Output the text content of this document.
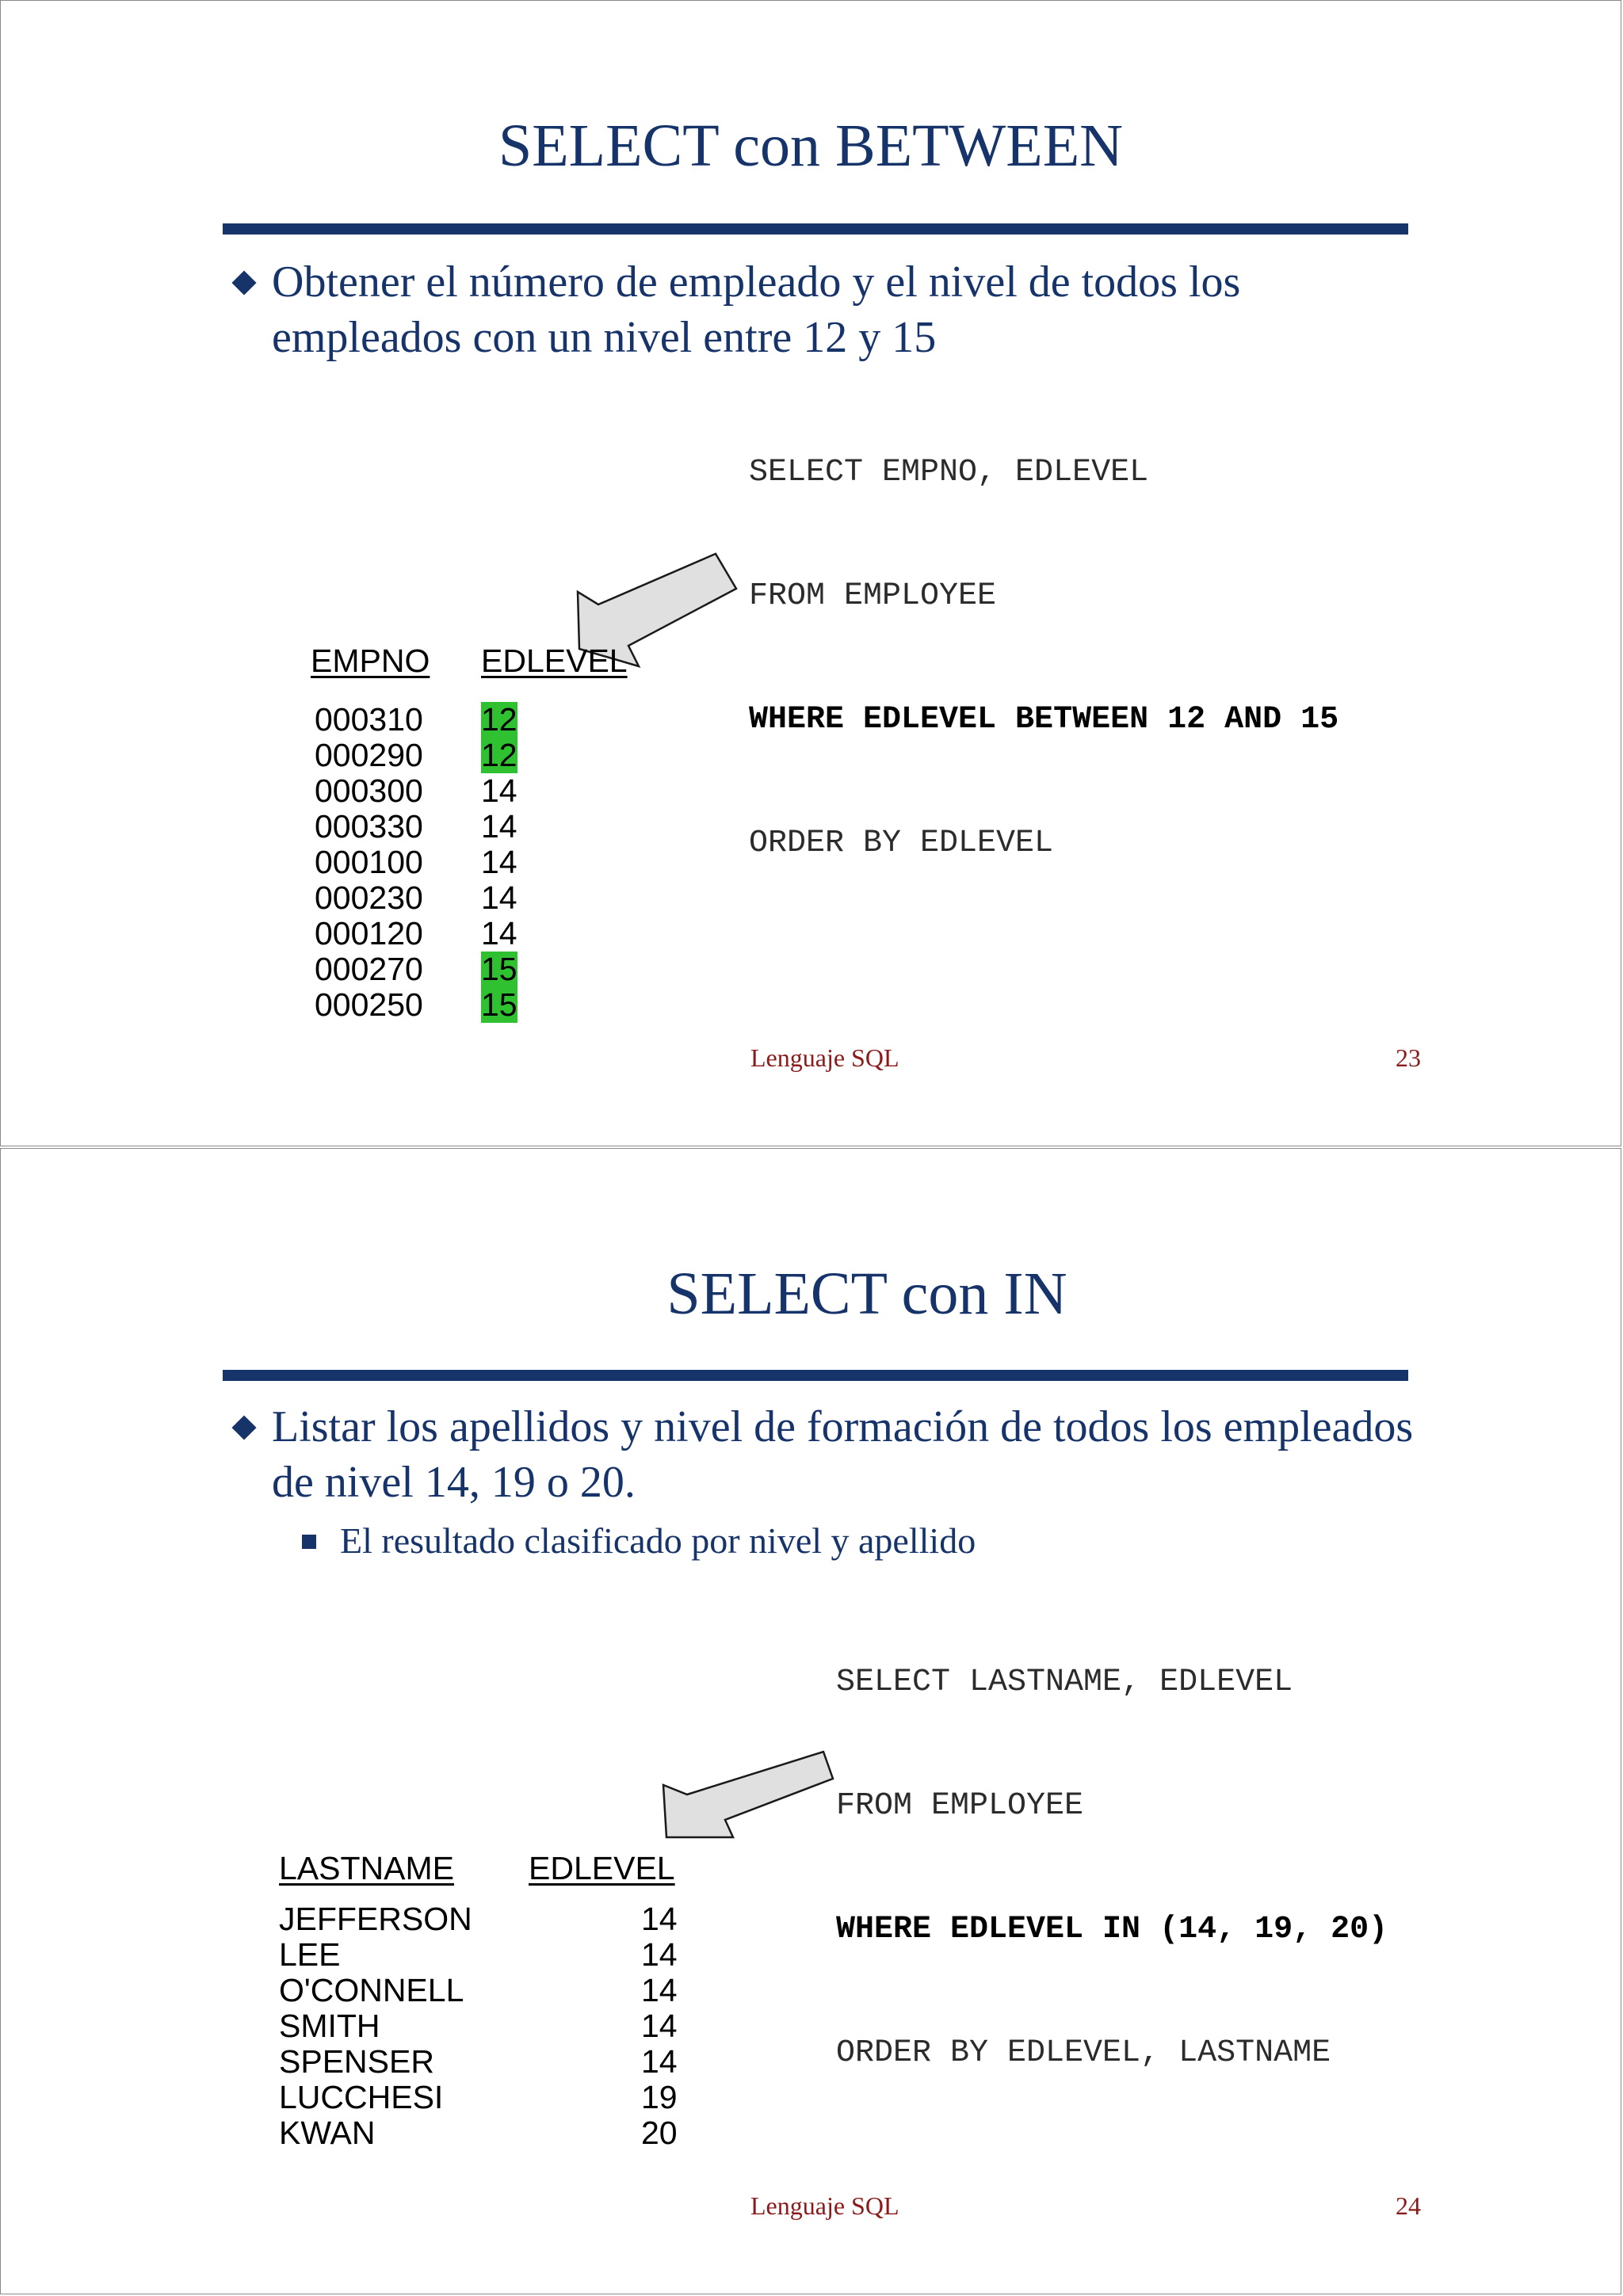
SELECT con BETWEEN
Obtener el número de empleado y el nivel de todos los empleados con un nivel entre 12 y 15

SELECT EMPNO, EDLEVEL

FROM EMPLOYEE

WHERE EDLEVEL BETWEEN 12 AND 15

ORDER BY EDLEVEL

EMPNO EDLEVEL
000310 12
000290 12
000300 14
000330 14
000100 14
000230 14
000120 14
000270 15
000250 15
Lenguaje SQL	23
SELECT con IN
Listar los apellidos y nivel de formación de todos los empleados de nivel 14, 19 o 20.
El resultado clasificado por nivel y apellido

SELECT LASTNAME, EDLEVEL

FROM EMPLOYEE

WHERE EDLEVEL IN (14, 19, 20)

ORDER BY EDLEVEL, LASTNAME

LASTNAME EDLEVEL
JEFFERSON	14
LEE	14
O'CONNELL	14
SMITH	14
SPENSER	14
LUCCHESI	19
KWAN	20
Lenguaje SQL	24
